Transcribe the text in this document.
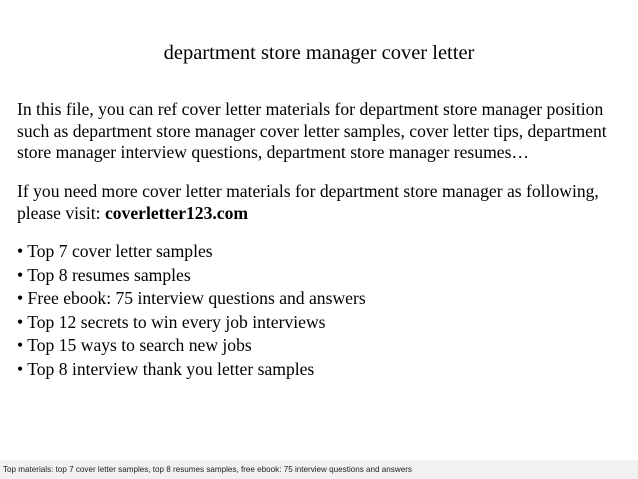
department store manager cover letter
In this file, you can ref cover letter materials for department store manager position
such as department store manager cover letter samples, cover letter tips, department
store manager interview questions, department store manager resumes…
If you need more cover letter materials for department store manager as following,
please visit: coverletter123.com
• Top 7 cover letter samples
• Top 8 resumes samples
• Free ebook: 75 interview questions and answers
• Top 12 secrets to win every job interviews
• Top 15 ways to search new jobs
• Top 8 interview thank you letter samples
Top materials: top 7 cover letter samples, top 8 resumes samples, free ebook: 75 interview questions and answers
